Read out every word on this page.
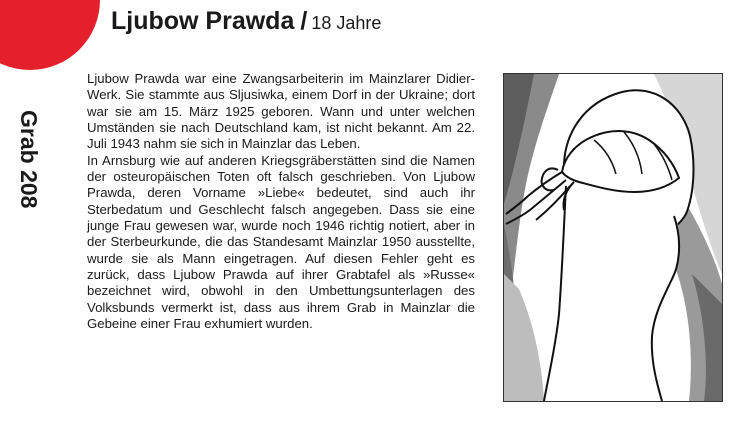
Ljubow Prawda / 18 Jahre
Grab 208

Ljubow Prawda war eine Zwangsarbeiterin im Mainzlarer Didier-Werk. Sie stammte aus Sljusiwka, einem Dorf in der Ukraine; dort war sie am 15. März 1925 geboren. Wann und unter welchen Umständen sie nach Deutschland kam, ist nicht bekannt. Am 22. Juli 1943 nahm sie sich in Mainzlar das Leben.

In Arnsburg wie auf anderen Kriegsgräberstätten sind die Namen der osteuropäischen Toten oft falsch geschrieben. Von Ljubow Prawda, deren Vorname »Liebe« bedeutet, sind auch ihr Sterbedatum und Geschlecht falsch angegeben. Dass sie eine junge Frau gewesen war, wurde noch 1946 richtig notiert, aber in der Sterbeurkunde, die das Standesamt Mainzlar 1950 ausstellte, wurde sie als Mann eingetragen. Auf diesen Fehler geht es zurück, dass Ljubow Prawda auf ihrer Grabtafel als »Russe« bezeichnet wird, obwohl in den Umbettungsunterlagen des Volksbunds vermerkt ist, dass aus ihrem Grab in Mainzlar die Gebeine einer Frau exhumiert wurden.
